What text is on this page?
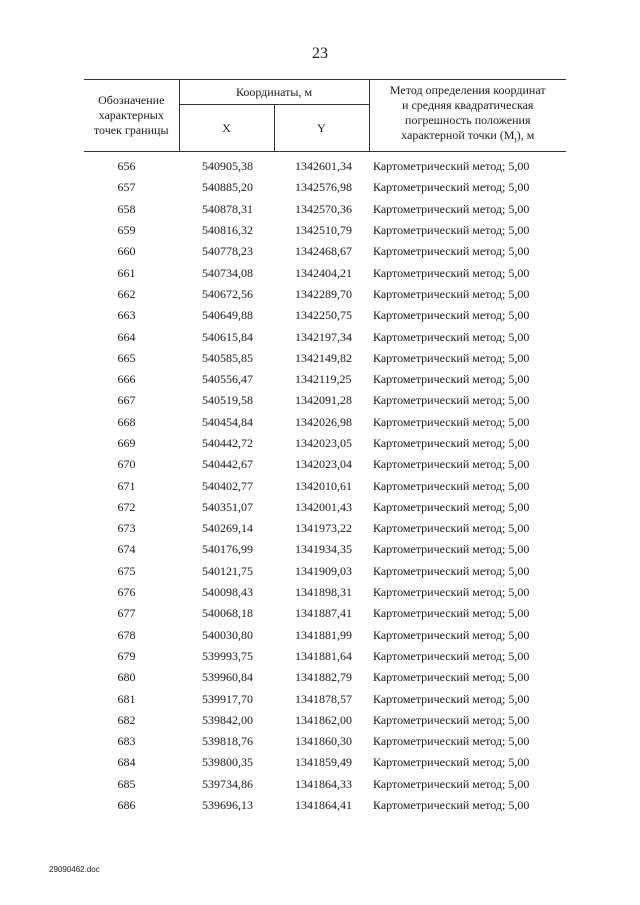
23
Обозначение характерных точек границы	Координаты, м		Метод определения координат
и средняя квадратическая
погрешность положения
характерной точки $(M_t)$, м

	X	Y	
656	540905,38	1342601,34	Картометрический метод; 5,00
657	540885,20	1342576,98	Картометрический метод; 5,00
658	540878,31	1342570,36	Картометрический метод; 5,00
659	540816,32	1342510,79	Картометрический метод; 5,00
660	540778,23	1342468,67	Картометрический метод; 5,00
661	540734,08	1342404,21	Картометрический метод; 5,00
662	540672,56	1342289,70	Картометрический метод; 5,00
663	540649,88	1342250,75	Картометрический метод; 5,00
664	540615,84	1342197,34	Картометрический метод; 5,00
665	540585,85	1342149,82	Картометрический метод; 5,00
666	540556,47	1342119,25	Картометрический метод; 5,00
667	540519,58	1342091,28	Картометрический метод; 5,00
668	540454,84	1342026,98	Картометрический метод; 5,00
669	540442,72	1342023,05	Картометрический метод; 5,00
670	540442,67	1342023,04	Картометрический метод; 5,00
671	540402,77	1342010,61	Картометрический метод; 5,00
672	540351,07	1342001,43	Картометрический метод; 5,00
673	540269,14	1341973,22	Картометрический метод; 5,00
674	540176,99	1341934,35	Картометрический метод; 5,00
675	540121,75	1341909,03	Картометрический метод; 5,00
676	540098,43	1341898,31	Картометрический метод; 5,00
677	540068,18	1341887,41	Картометрический метод; 5,00
678	540030,80	1341881,99	Картометрический метод; 5,00
679	539993,75	1341881,64	Картометрический метод; 5,00
680	539960,84	1341882,79	Картометрический метод; 5,00
681	539917,70	1341878,57	Картометрический метод; 5,00
682	539842,00	1341862,00	Картометрический метод; 5,00
683	539818,76	1341860,30	Картометрический метод; 5,00
684	539800,35	1341859,49	Картометрический метод; 5,00
685	539734,86	1341864,33	Картометрический метод; 5,00
686	539696,13	1341864,41	Картометрический метод; 5,00
29090462.doc
